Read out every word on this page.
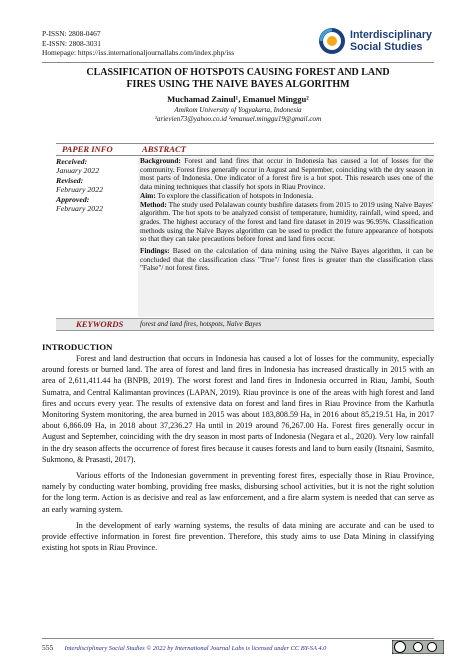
P-ISSN: 2808-0467
E-ISSN: 2808-3031
Homepage: https://iss.internationaljournallabs.com/index.php/iss
Interdisciplinary
Social Studies
CLASSIFICATION OF HOTSPOTS CAUSING FOREST AND LAND
FIRES USING THE NAIVE BAYES ALGORITHM
Muchamad Zainul¹, Emanuel Minggu²
Amikom University of Yogyakarta, Indonesia
¹arievien73@yahoo.co.id ²emanuel.minggu19@gmail.com
PAPER INFO	ABSTRACT
Received:
January 2022
Revised:
February 2022
Approved:
February 2022

Background: Forest and land fires that occur in Indonesia has caused a lot of losses for the community. Forest fires generally occur in August and September, coinciding with the dry season in most parts of Indonesia. One indicator of a forest fire is a hot spot. This research uses one of the data mining techniques that classify hot spots in Riau Province.

Aim: To explore the classification of hotspots in Indonesia.

Method: The study used Pelalawan county bushfire datasets from 2015 to 2019 using Naïve Bayes' algorithm. The hot spots to be analyzed consist of temperature, humidity, rainfall, wind speed, and grades. The highest accuracy of the forest and land fire dataset in 2019 was 96.95%. Classification methods using the Naïve Bayes algorithm can be used to predict the future appearance of hotspots so that they can take precautions before forest and land fires occur.

Findings: Based on the calculation of data mining using the Naïve Bayes algorithm, it can be concluded that the classification class "True"/ forest fires is greater than the classification class "False"/ not forest fires.

KEYWORDS forest and land fires, hotspots, Naïve Bayes
INTRODUCTION

Forest and land destruction that occurs in Indonesia has caused a lot of losses for the community, especially around forests or burned land. The area of forest and land fires in Indonesia has increased drastically in 2015 with an area of 2,611,411.44 ha (BNPB, 2019). The worst forest and land fires in Indonesia occurred in Riau, Jambi, South Sumatra, and Central Kalimantan provinces (LAPAN, 2019). Riau province is one of the areas with high forest and land fires and occurs every year. The results of extensive data on forest and land fires in Riau Province from the Karhutla Monitoring System monitoring, the area burned in 2015 was about 183,808.59 Ha, in 2016 about 85,219.51 Ha, in 2017 about 6,866.09 Ha, in 2018 about 37,236.27 Ha until in 2019 around 76,267.00 Ha. Forest fires generally occur in August and September, coinciding with the dry season in most parts of Indonesia (Negara et al., 2020). Very low rainfall in the dry season affects the occurrence of forest fires because it causes forests and land to burn easily (Itsnaini, Sasmito, Sukmono, & Prasasti, 2017).

Various efforts of the Indonesian government in preventing forest fires, especially those in Riau Province, namely by conducting water bombing, providing free masks, disbursing school activities, but it is not the right solution for the long term. Action is as decisive and real as law enforcement, and a fire alarm system is needed that can serve as an early warning system.

In the development of early warning systems, the results of data mining are accurate and can be used to provide effective information in forest fire prevention. Therefore, this study aims to use Data Mining in classifying existing hot spots in Riau Province.

555 Interdisciplinary Social Studies © 2022 by International Journal Labs is licensed under CC BY-SA 4.0
